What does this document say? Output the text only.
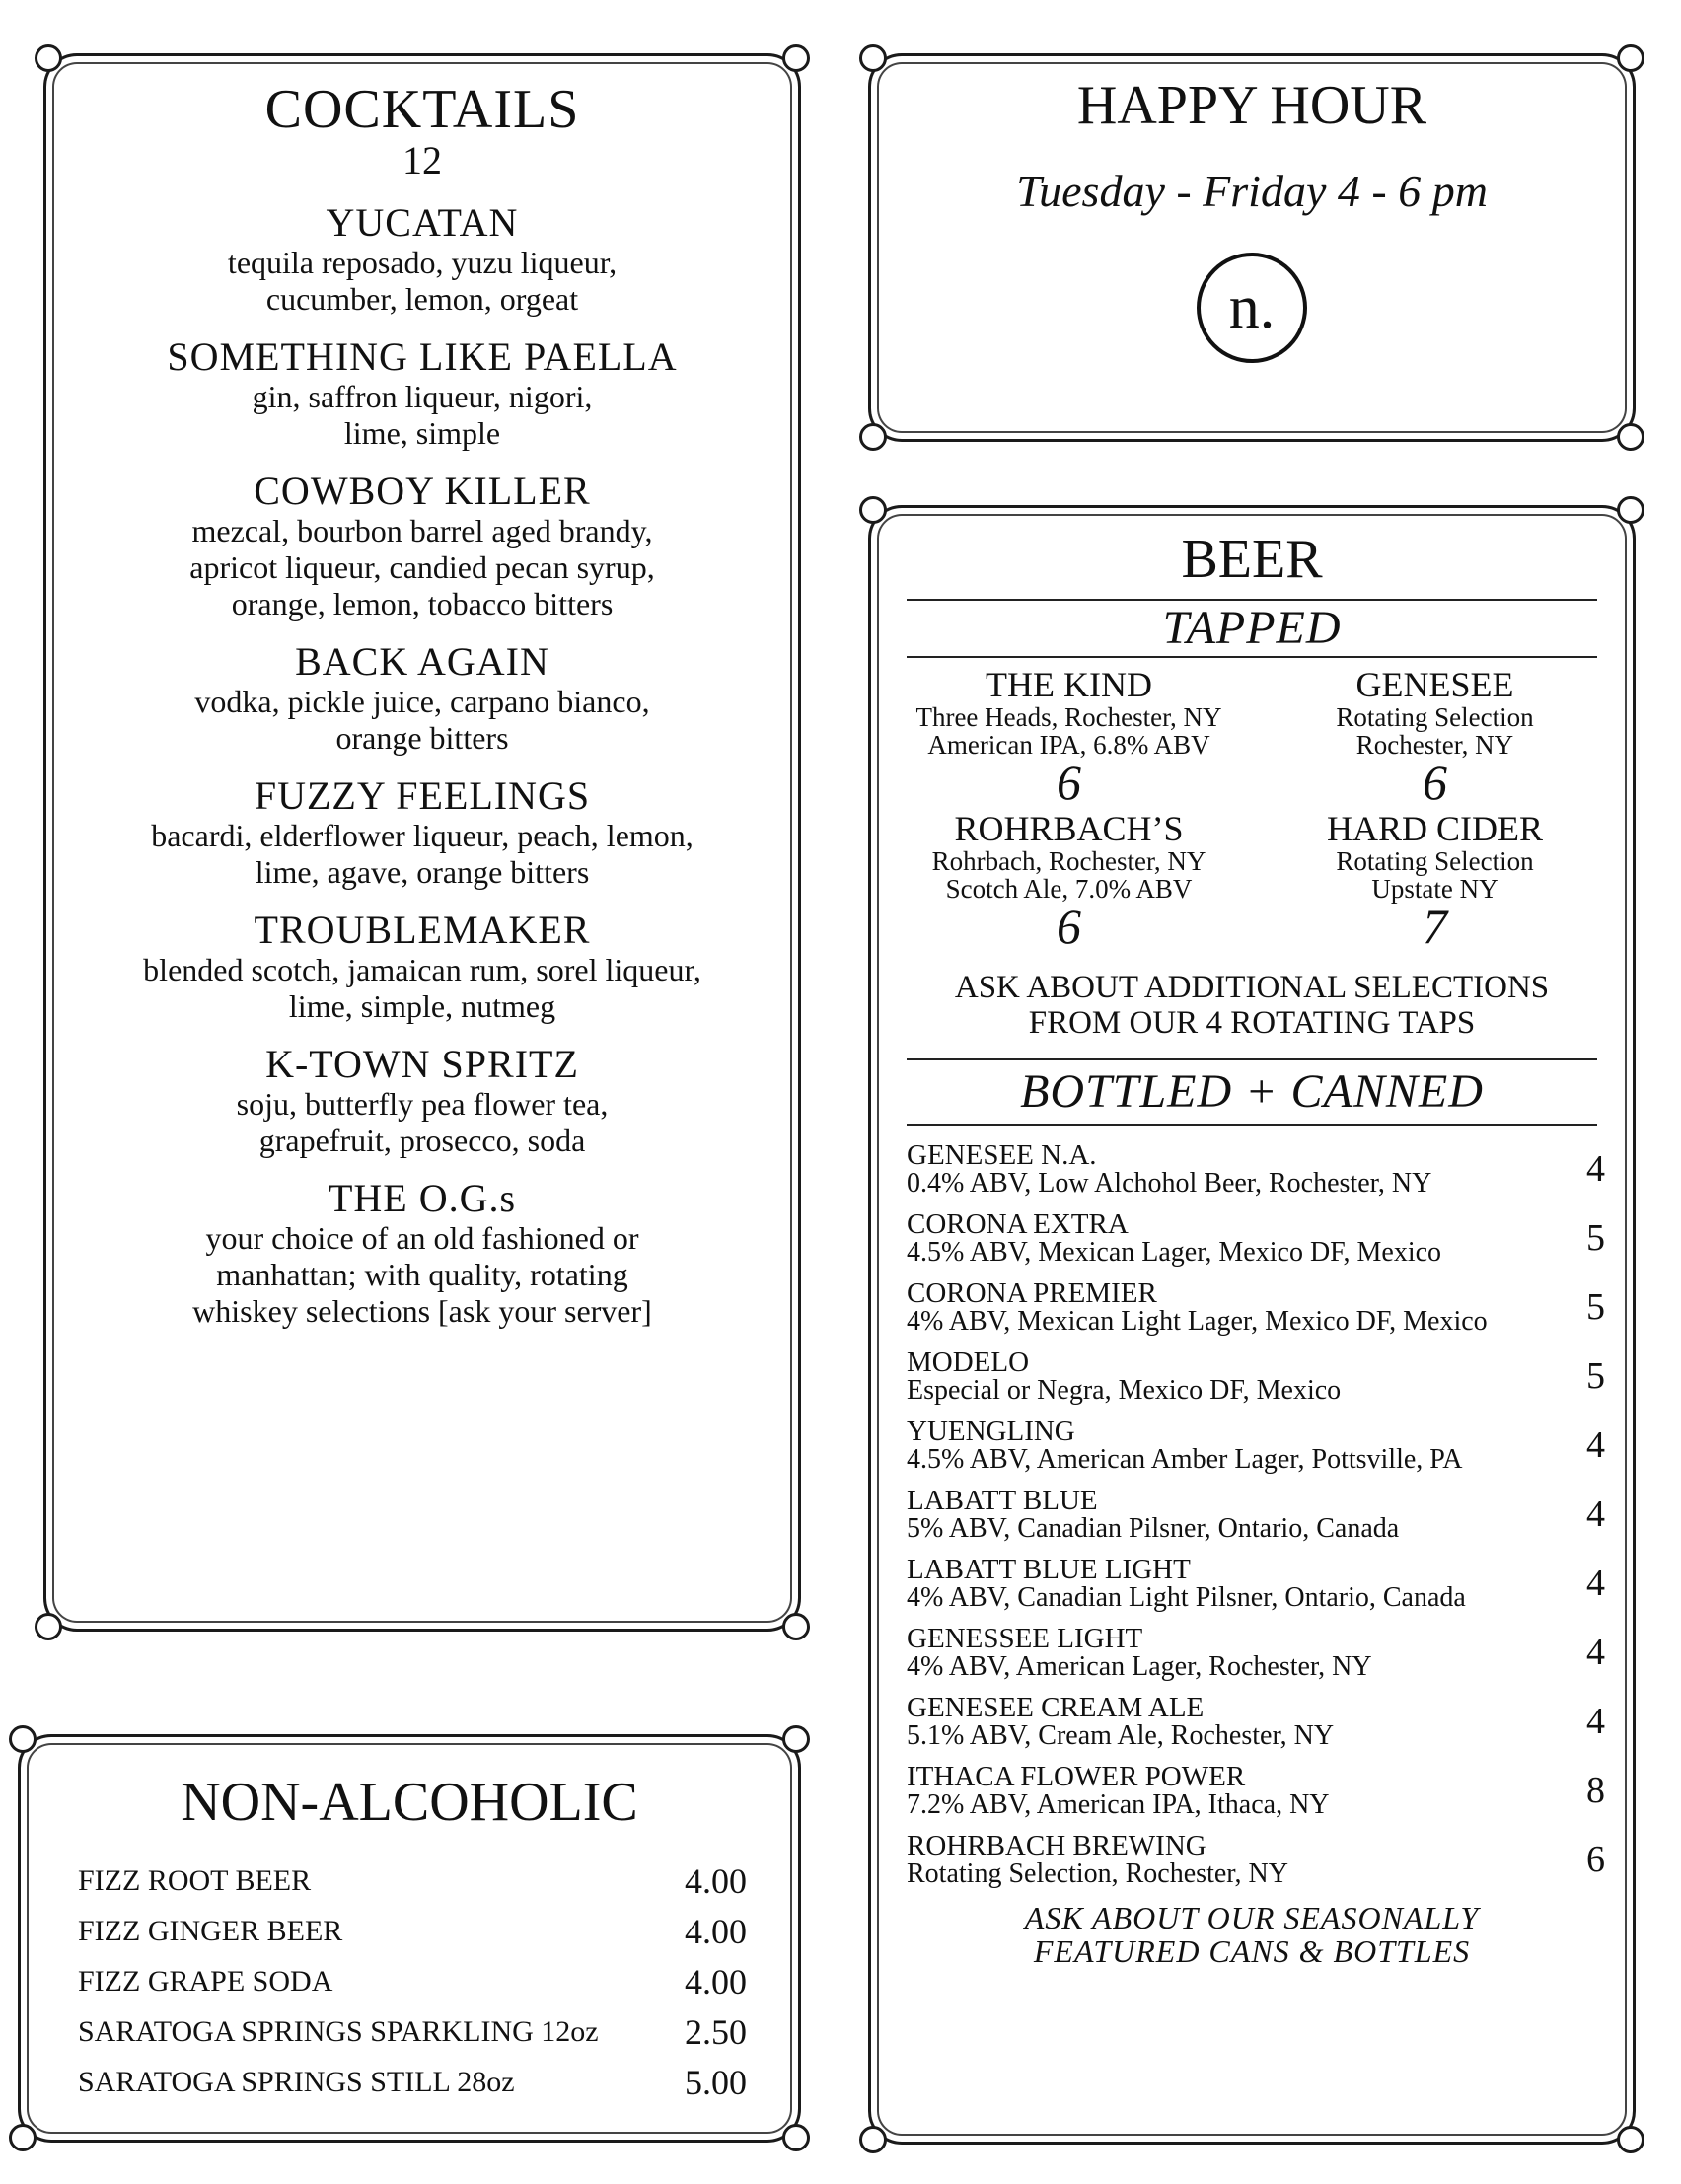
COCKTAILS
12
YUCATAN
tequila reposado, yuzu liqueur,
cucumber, lemon, orgeat
SOMETHING LIKE PAELLA
gin, saffron liqueur, nigori,
lime, simple
COWBOY KILLER
mezcal, bourbon barrel aged brandy,
apricot liqueur, candied pecan syrup,
orange, lemon, tobacco bitters
BACK AGAIN
vodka, pickle juice, carpano bianco,
orange bitters
FUZZY FEELINGS
bacardi, elderflower liqueur, peach, lemon,
lime, agave, orange bitters
TROUBLEMAKER
blended scotch, jamaican rum, sorel liqueur,
lime, simple, nutmeg
K-TOWN SPRITZ
soju, butterfly pea flower tea,
grapefruit, prosecco, soda
THE O.G.s
your choice of an old fashioned or
manhattan; with quality, rotating
whiskey selections [ask your server]
HAPPY HOUR
Tuesday - Friday 4 - 6 pm
n.
BEER
TAPPED
THE KIND
Three Heads, Rochester, NY
American IPA, 6.8% ABV
6
GENESEE
Rotating Selection
Rochester, NY
6
ROHRBACH’S
Rohrbach, Rochester, NY
Scotch Ale, 7.0% ABV
6
HARD CIDER
Rotating Selection
Upstate NY
7
ASK ABOUT ADDITIONAL SELECTIONS
FROM OUR 4 ROTATING TAPS
BOTTLED + CANNED
GENESEE N.A.
0.4% ABV, Low Alchohol Beer, Rochester, NY	4
CORONA EXTRA
4.5% ABV, Mexican Lager, Mexico DF, Mexico	5
CORONA PREMIER
4% ABV, Mexican Light Lager, Mexico DF, Mexico	5
MODELO
Especial or Negra, Mexico DF, Mexico	5
YUENGLING
4.5% ABV, American Amber Lager, Pottsville, PA	4
LABATT BLUE
5% ABV, Canadian Pilsner, Ontario, Canada	4
LABATT BLUE LIGHT
4% ABV, Canadian Light Pilsner, Ontario, Canada	4
GENESSEE LIGHT
4% ABV, American Lager, Rochester, NY	4
GENESEE CREAM ALE
5.1% ABV, Cream Ale, Rochester, NY	4
ITHACA FLOWER POWER
7.2% ABV, American IPA, Ithaca, NY	8
ROHRBACH BREWING
Rotating Selection, Rochester, NY	6
ASK ABOUT OUR SEASONALLY
FEATURED CANS & BOTTLES
NON-ALCOHOLIC
FIZZ ROOT BEER	4.00
FIZZ GINGER BEER	4.00
FIZZ GRAPE SODA	4.00
SARATOGA SPRINGS SPARKLING 12oz 2.50
SARATOGA SPRINGS STILL 28oz	5.00
